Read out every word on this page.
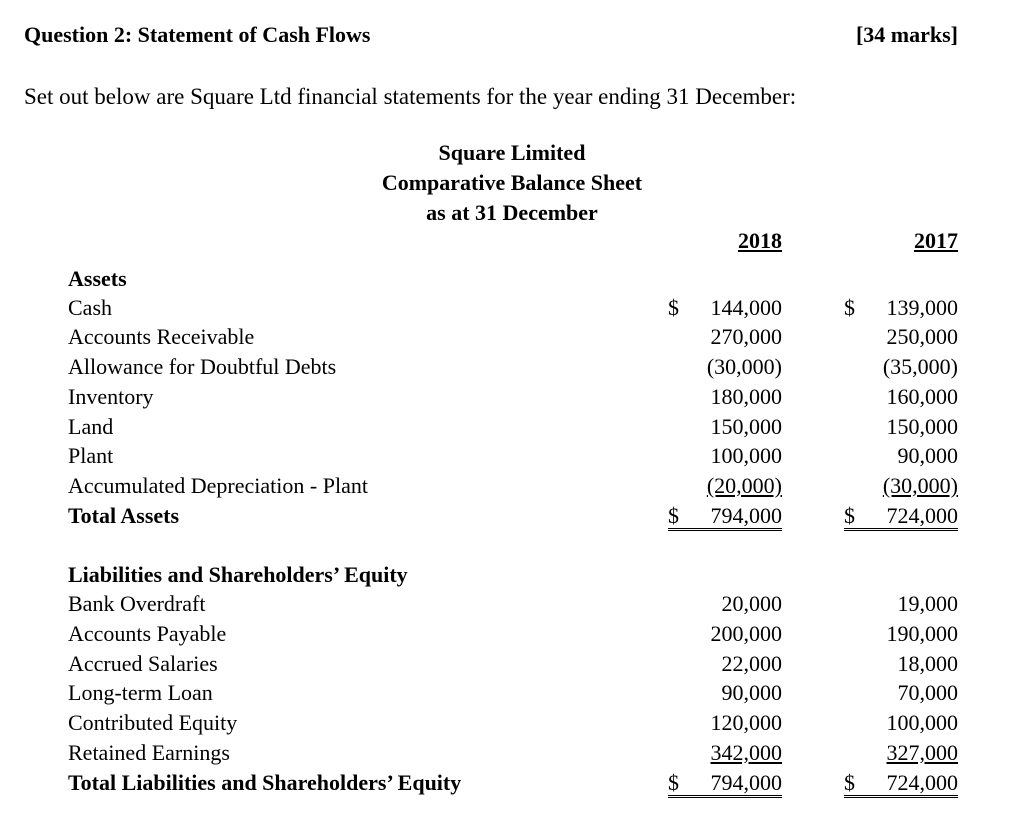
Question 2: Statement of Cash Flows	[34 marks]
Set out below are Square Ltd financial statements for the year ending 31 December:
Square Limited
Comparative Balance Sheet
as at 31 December
2018	2017
Assets
Cash	$ 144,000	$ 139,000
Accounts Receivable	270,000	250,000
Allowance for Doubtful Debts	(30,000)	(35,000)
Inventory	180,000	160,000
Land	150,000	150,000
Plant	100,000	90,000
Accumulated Depreciation - Plant	(20,000)	(30,000)
Total Assets	$ 794,000	$ 724,000
Liabilities and Shareholders’ Equity
Bank Overdraft	20,000	19,000
Accounts Payable	200,000	190,000
Accrued Salaries	22,000	18,000
Long-term Loan	90,000	70,000
Contributed Equity	120,000	100,000
Retained Earnings	342,000	327,000
Total Liabilities and Shareholders’ Equity	$ 794,000	$ 724,000
